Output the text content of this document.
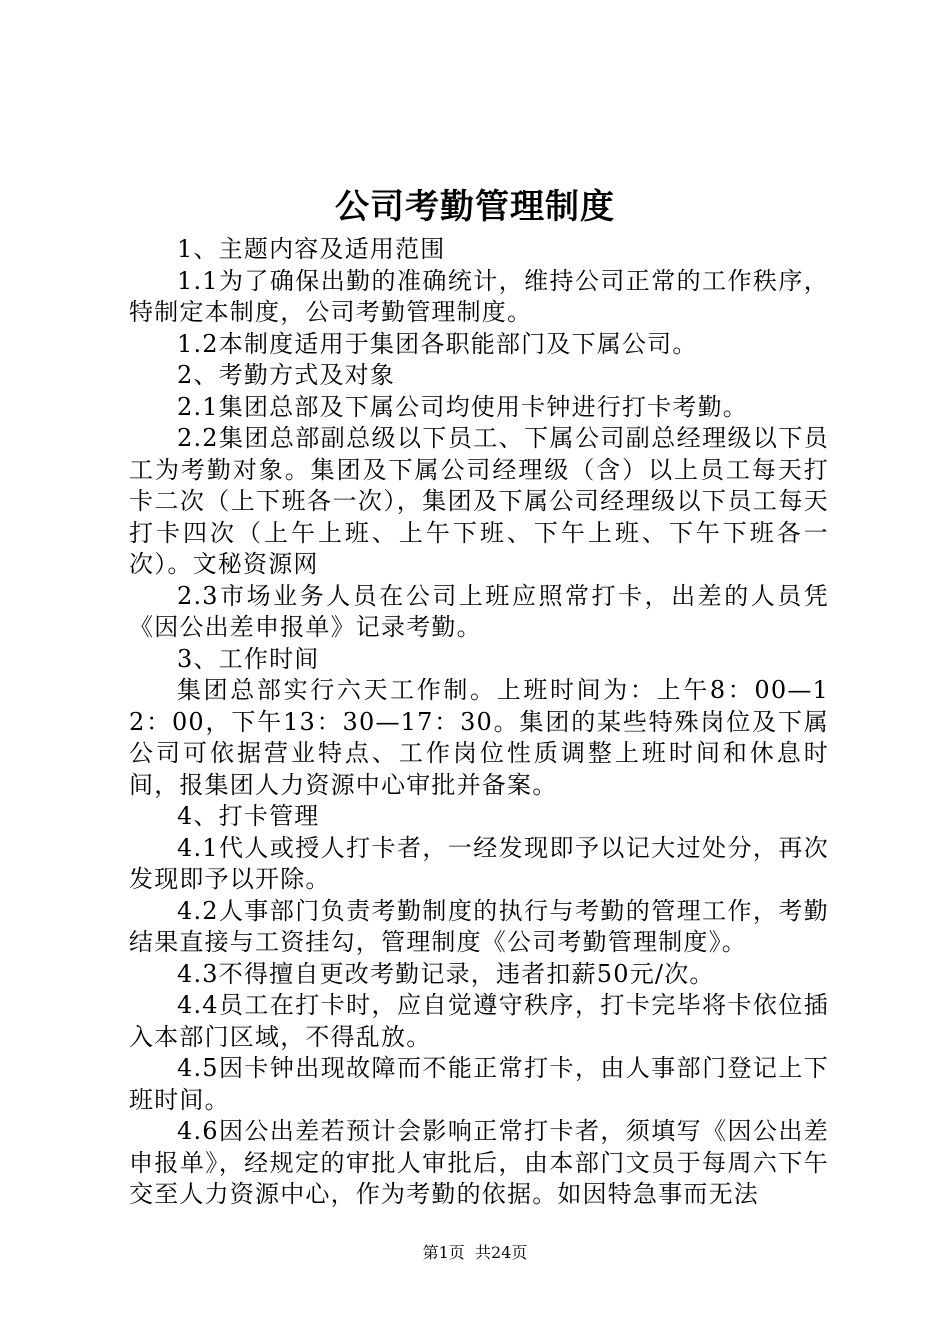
公司考勤管理制度

1、主题内容及适用范围

1.1为了确保出勤的准确统计，维持公司正常的工作秩序，特制定本制度，公司考勤管理制度。

1.2本制度适用于集团各职能部门及下属公司。

2、考勤方式及对象

2.1集团总部及下属公司均使用卡钟进行打卡考勤。

2.2集团总部副总级以下员工、下属公司副总经理级以下员工为考勤对象。集团及下属公司经理级（含）以上员工每天打卡二次（上下班各一次），集团及下属公司经理级以下员工每天打卡四次（上午上班、上午下班、下午上班、下午下班各一次）。文秘资源网

2.3市场业务人员在公司上班应照常打卡，出差的人员凭《因公出差申报单》记录考勤。

3、工作时间

集团总部实行六天工作制。上班时间为：上午8：00—12：00，下午13：30—17：30。集团的某些特殊岗位及下属公司可依据营业特点、工作岗位性质调整上班时间和休息时间，报集团人力资源中心审批并备案。

4、打卡管理

4.1代人或授人打卡者，一经发现即予以记大过处分，再次发现即予以开除。

4.2人事部门负责考勤制度的执行与考勤的管理工作，考勤结果直接与工资挂勾，管理制度《公司考勤管理制度》。

4.3不得擅自更改考勤记录，违者扣薪50元/次。

4.4员工在打卡时，应自觉遵守秩序，打卡完毕将卡依位插入本部门区域，不得乱放。

4.5因卡钟出现故障而不能正常打卡，由人事部门登记上下班时间。

4.6因公出差若预计会影响正常打卡者，须填写《因公出差申报单》，经规定的审批人审批后，由本部门文员于每周六下午交至人力资源中心，作为考勤的依据。如因特急事而无法

第1页 共24页
